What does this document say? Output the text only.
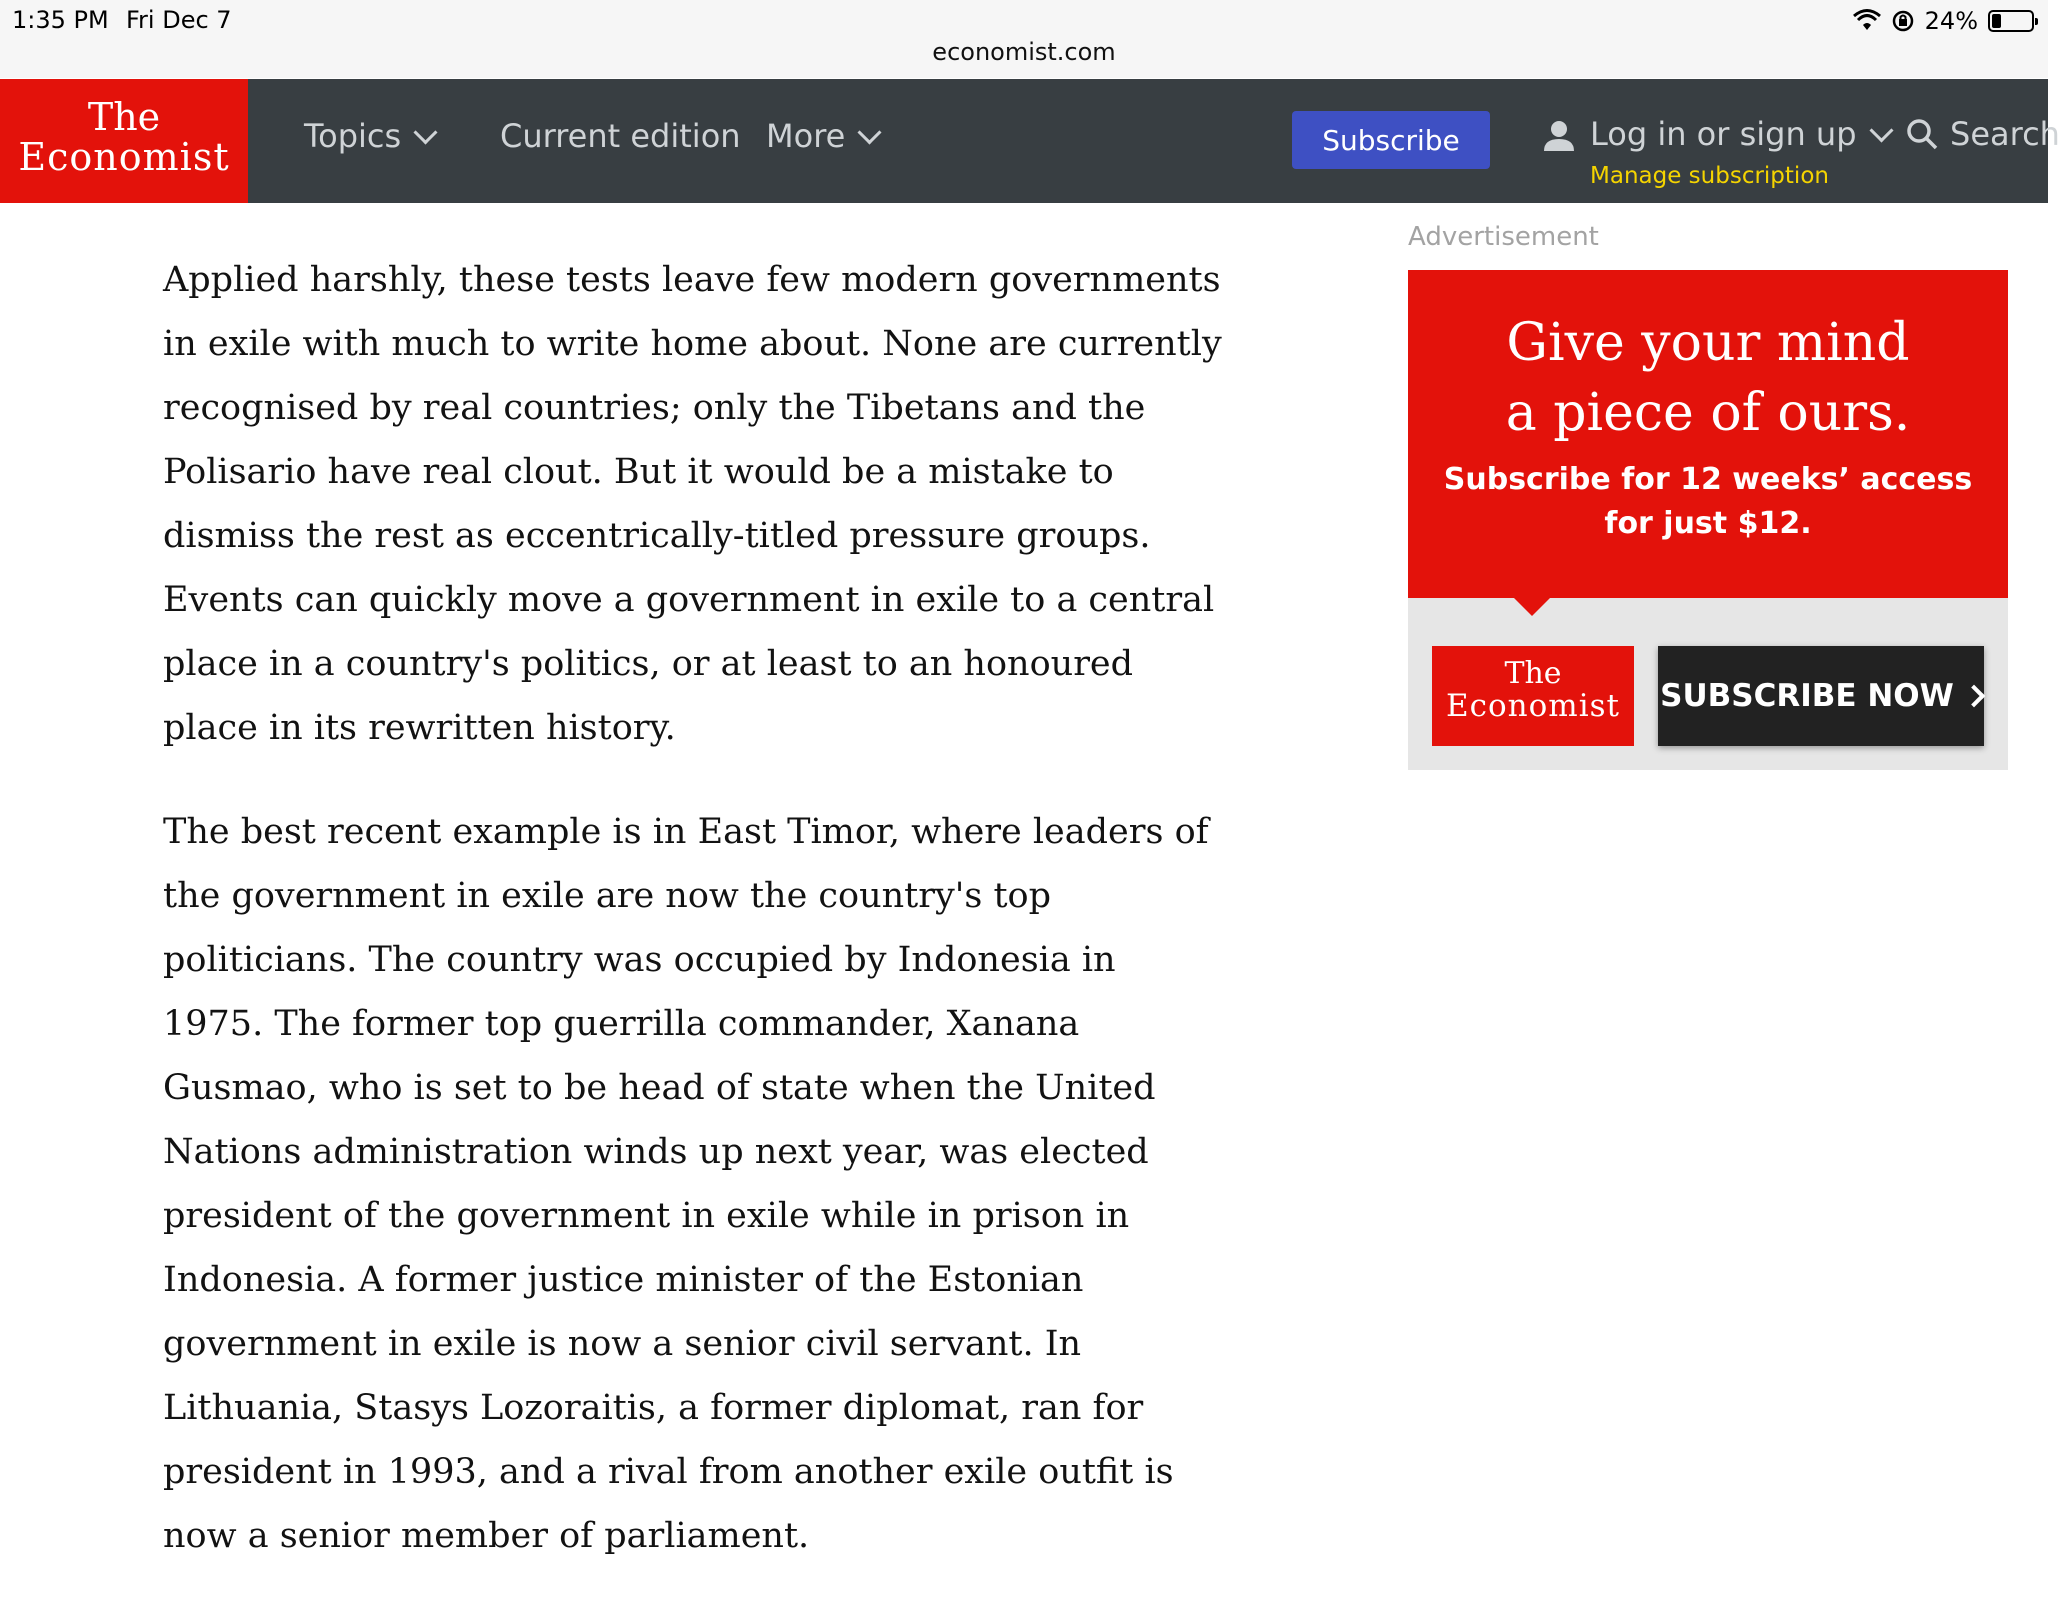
1:35 PM Fri Dec 7	24%
economist.com
The
Economist	Topics	Current edition More	Subscribe	Log in or sign up
Manage subscription
Search

Applied harshly, these tests leave few modern governments in exile with much to write home about. None are currently recognised by real countries; only the Tibetans and the Polisario have real clout. But it would be a mistake to dismiss the rest as eccentrically-titled pressure groups. Events can quickly move a government in exile to a central place in a country's politics, or at least to an honoured place in its rewritten history.

The best recent example is in East Timor, where leaders of the government in exile are now the country's top politicians. The country was occupied by Indonesia in 1975. The former top guerrilla commander, Xanana Gusmao, who is set to be head of state when the United Nations administration winds up next year, was elected president of the government in exile while in prison in Indonesia. A former justice minister of the Estonian government in exile is now a senior civil servant. In Lithuania, Stasys Lozoraitis, a former diplomat, ran for president in 1993, and a rival from another exile outfit is now a senior member of parliament.

Advertisement
Give your mind
a piece of ours.
Subscribe for 12 weeks’ access
for just $12.
The
Economist	SUBSCRIBE NOW
